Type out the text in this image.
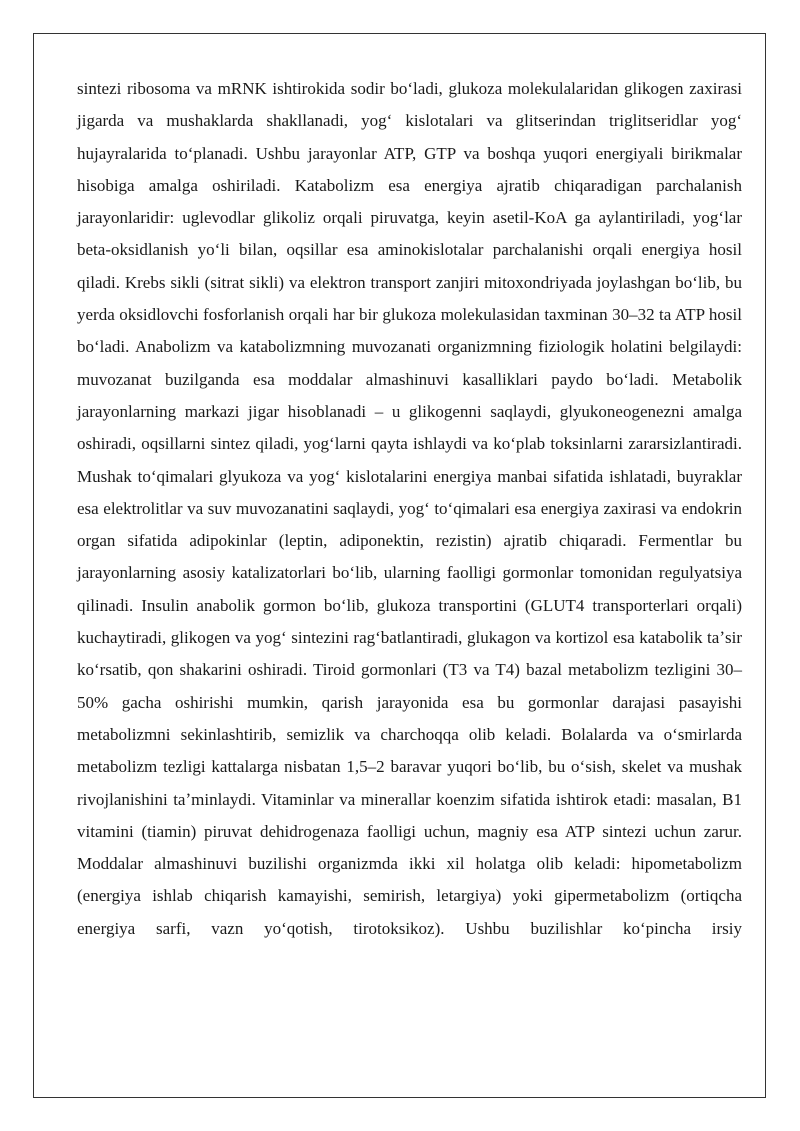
sintezi ribosoma va mRNK ishtirokida sodir boʻladi, glukoza molekulalaridan glikogen zaxirasi jigarda va mushaklarda shakllanadi, yogʻ kislotalari va glitserindan triglitseridlar yogʻ hujayralarida toʻplanadi. Ushbu jarayonlar ATP, GTP va boshqa yuqori energiyali birikmalar hisobiga amalga oshiriladi. Katabolizm esa energiya ajratib chiqaradigan parchalanish jarayonlaridir: uglevodlar glikoliz orqali piruvatga, keyin asetil-KoA ga aylantiriladi, yogʻlar beta-oksidlanish yoʻli bilan, oqsillar esa aminokislotalar parchalanishi orqali energiya hosil qiladi. Krebs sikli (sitrat sikli) va elektron transport zanjiri mitoxondriyada joylashgan boʻlib, bu yerda oksidlovchi fosforlanish orqali har bir glukoza molekulasidan taxminan 30–32 ta ATP hosil boʻladi. Anabolizm va katabolizmning muvozanati organizmning fiziologik holatini belgilaydi: muvozanat buzilganda esa moddalar almashinuvi kasalliklari paydo boʻladi. Metabolik jarayonlarning markazi jigar hisoblanadi – u glikogenni saqlaydi, glyukoneogenezni amalga oshiradi, oqsillarni sintez qiladi, yogʻlarni qayta ishlaydi va koʻplab toksinlarni zararsizlantiradi. Mushak toʻqimalari glyukoza va yogʻ kislotalarini energiya manbai sifatida ishlatadi, buyraklar esa elektrolitlar va suv muvozanatini saqlaydi, yogʻ toʻqimalari esa energiya zaxirasi va endokrin organ sifatida adipokinlar (leptin, adiponektin, rezistin) ajratib chiqaradi. Fermentlar bu jarayonlarning asosiy katalizatorlari boʻlib, ularning faolligi gormonlar tomonidan regulyatsiya qilinadi. Insulin anabolik gormon boʻlib, glukoza transportini (GLUT4 transporterlari orqali) kuchaytiradi, glikogen va yogʻ sintezini ragʻbatlantiradi, glukagon va kortizol esa katabolik taʼsir koʻrsatib, qon shakarini oshiradi. Tiroid gormonlari (T3 va T4) bazal metabolizm tezligini 30–50% gacha oshirishi mumkin, qarish jarayonida esa bu gormonlar darajasi pasayishi metabolizmni sekinlashtirib, semizlik va charchoqqa olib keladi. Bolalarda va oʻsmirlarda metabolizm tezligi kattalarga nisbatan 1,5–2 baravar yuqori boʻlib, bu oʻsish, skelet va mushak rivojlanishini taʼminlaydi. Vitaminlar va minerallar koenzim sifatida ishtirok etadi: masalan, B1 vitamini (tiamin) piruvat dehidrogenaza faolligi uchun, magniy esa ATP sintezi uchun zarur. Moddalar almashinuvi buzilishi organizmda ikki xil holatga olib keladi: hipometabolizm (energiya ishlab chiqarish kamayishi, semirish, letargiya) yoki gipermetabolizm (ortiqcha energiya sarfi, vazn yoʻqotish, tirotoksikoz). Ushbu buzilishlar koʻpincha irsiy
